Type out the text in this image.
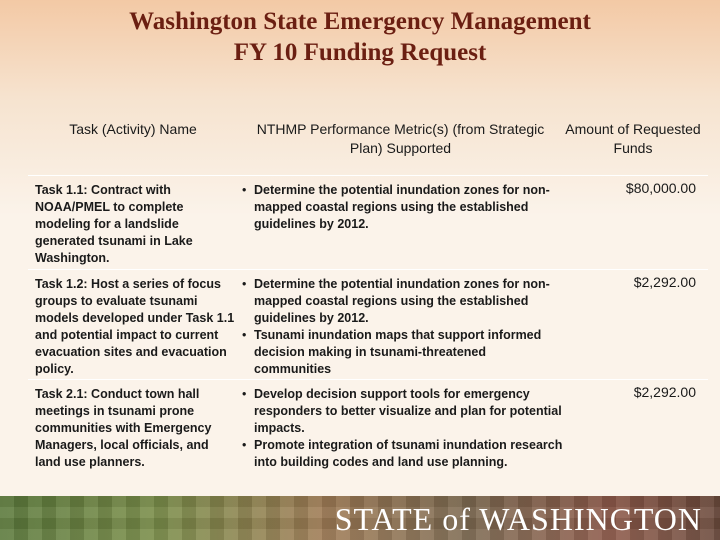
Washington State Emergency Management
FY 10 Funding Request
Task (Activity) Name	NTHMP Performance Metric(s) (from Strategic Plan) Supported
Amount of Requested Funds
Task 1.1: Contract with NOAA/PMEL to complete modeling for a landslide generated tsunami in Lake Washington.

• Determine the potential inundation zones for non-mapped coastal regions using the established guidelines by 2012.

$80,000.00
Task 1.2: Host a series of focus groups to evaluate tsunami models developed under Task 1.1 and potential impact to current evacuation sites and evacuation policy.

• Determine the potential inundation zones for non-mapped coastal regions using the established guidelines by 2012.

• Tsunami inundation maps that support informed decision making in tsunami-threatened communities

$2,292.00
Task 2.1: Conduct town hall meetings in tsunami prone communities with Emergency Managers, local officials, and land use planners.

• Develop decision support tools for emergency responders to better visualize and plan for potential impacts.

• Promote integration of tsunami inundation research into building codes and land use planning.

$2,292.00
STATE of WASHINGTON
